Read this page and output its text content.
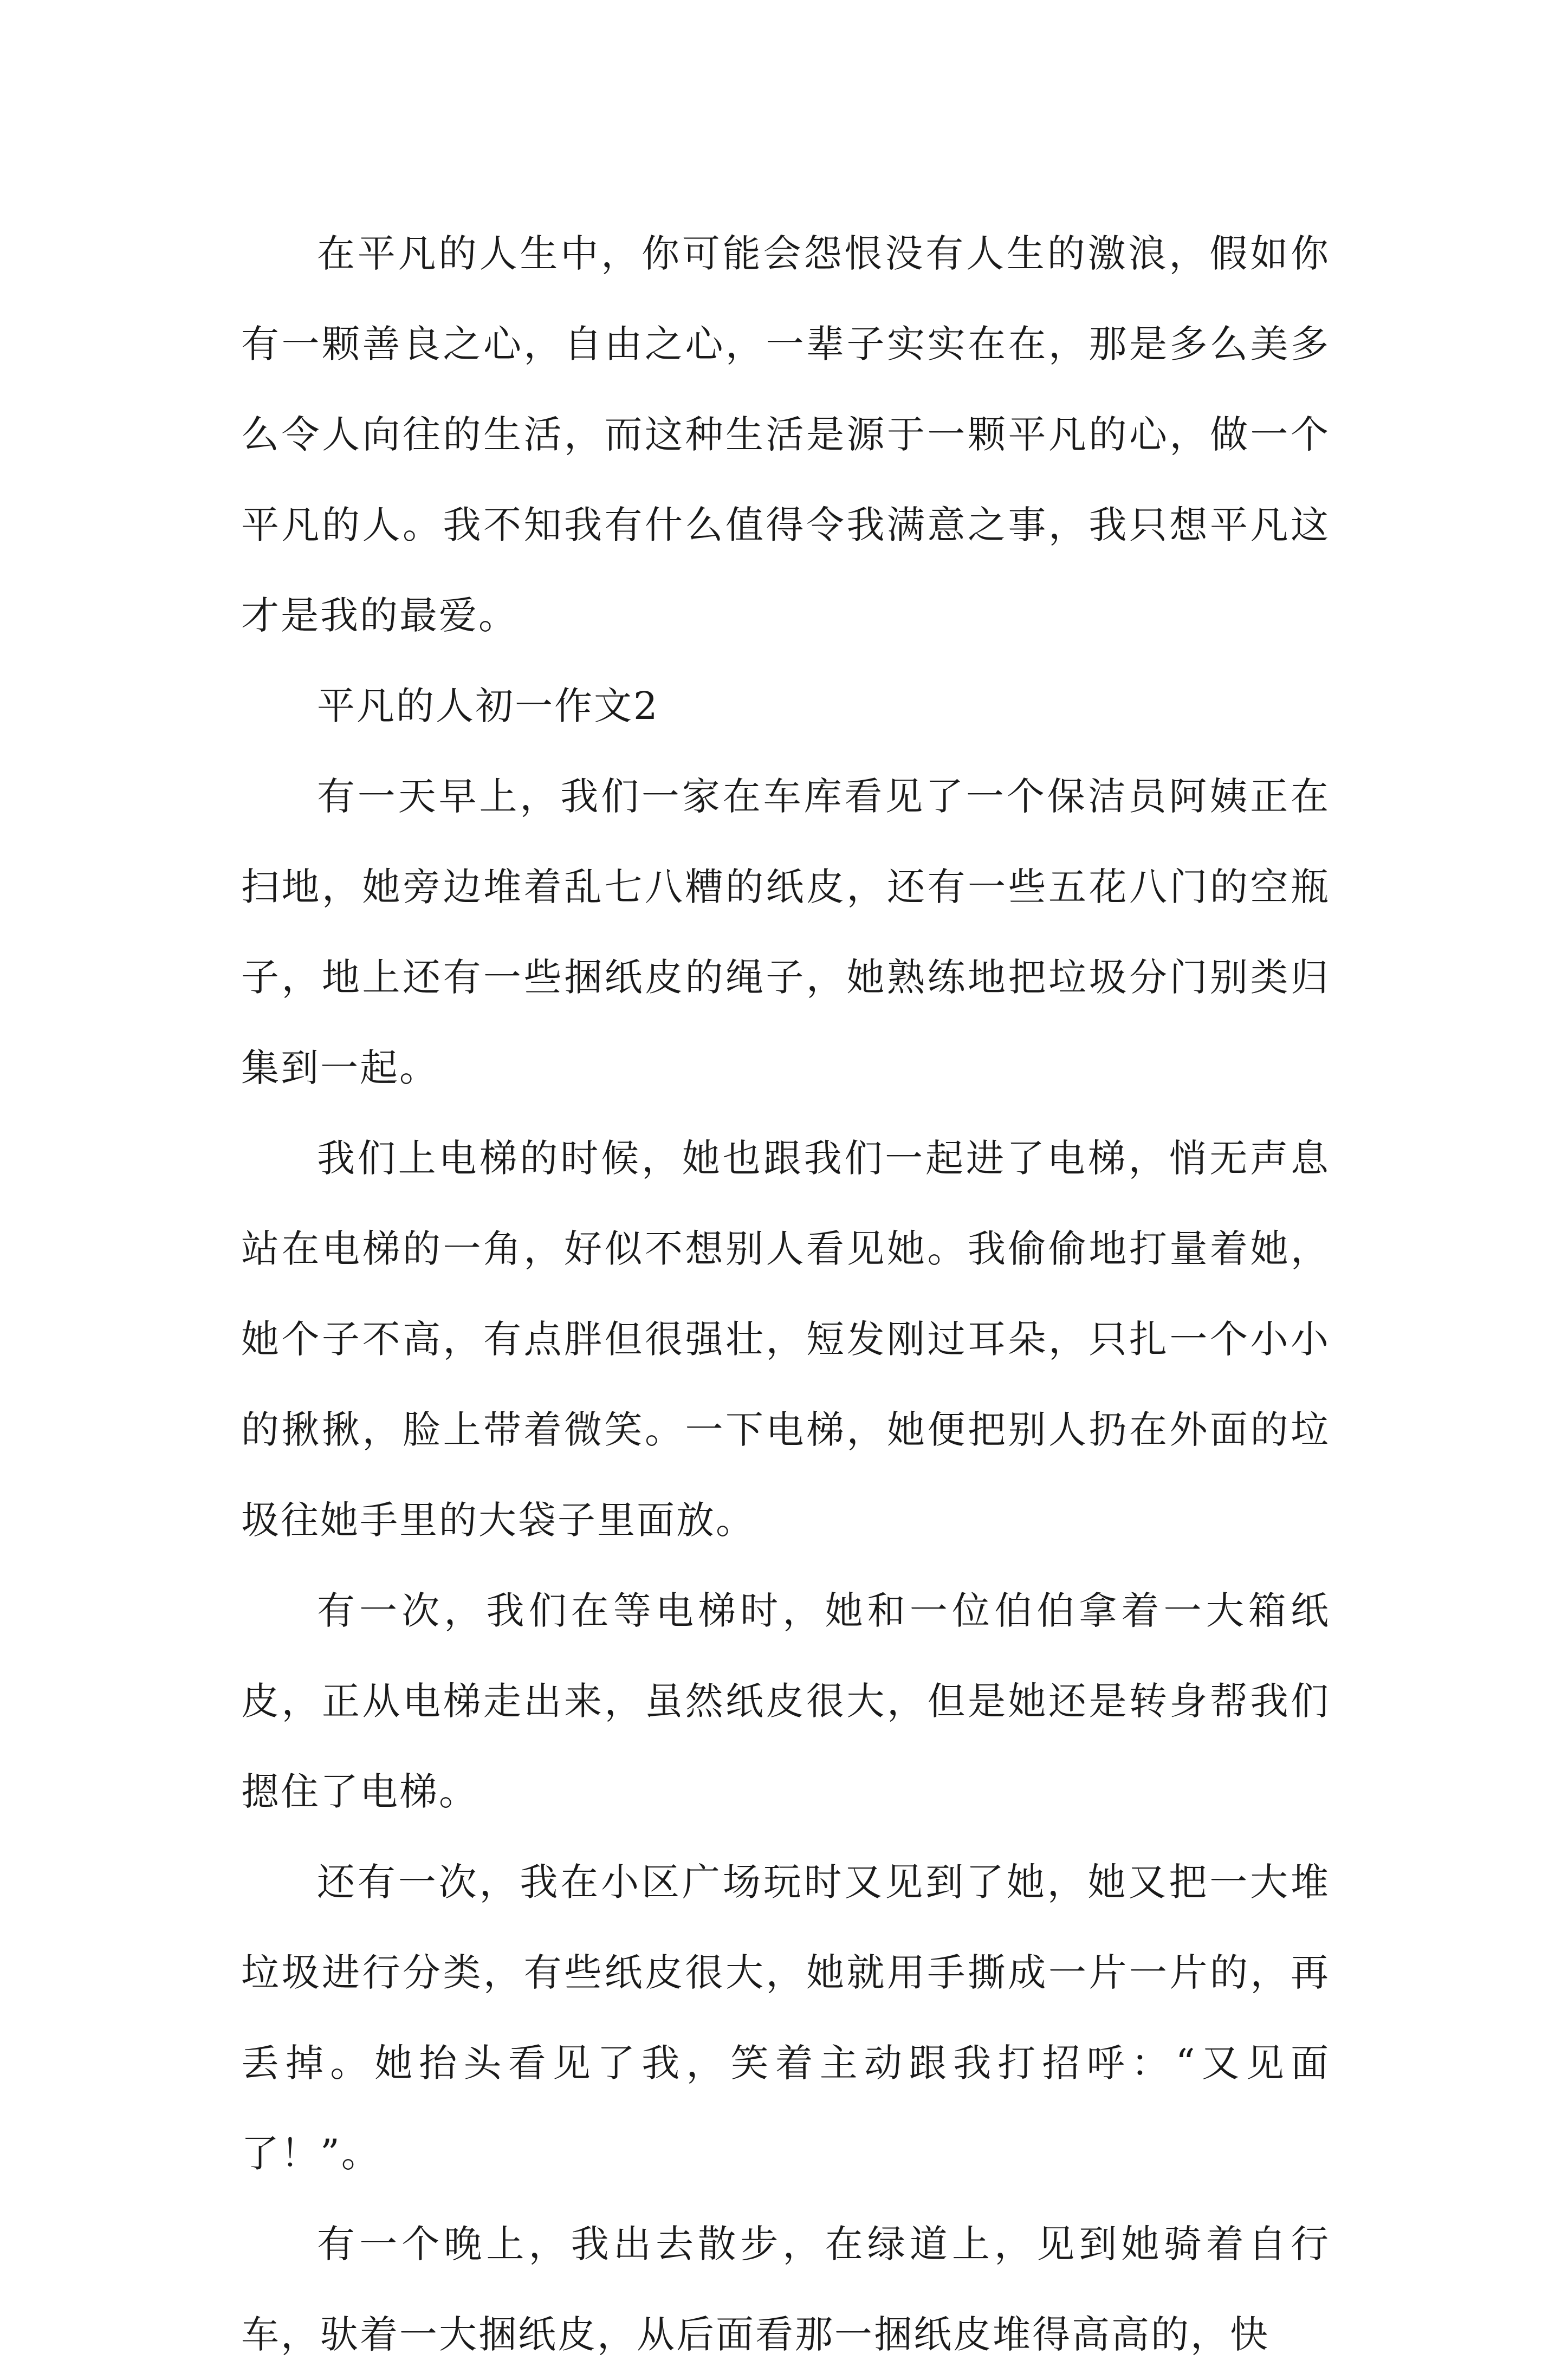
在平凡的人生中，你可能会怨恨没有人生的激浪，假如你有一颗善良之心，自由之心，一辈子实实在在，那是多么美多么令人向往的生活，而这种生活是源于一颗平凡的心，做一个平凡的人。我不知我有什么值得令我满意之事，我只想平凡这才是我的最爱。

平凡的人初一作文2

有一天早上，我们一家在车库看见了一个保洁员阿姨正在扫地，她旁边堆着乱七八糟的纸皮，还有一些五花八门的空瓶子，地上还有一些捆纸皮的绳子，她熟练地把垃圾分门别类归集到一起。

我们上电梯的时候，她也跟我们一起进了电梯，悄无声息站在电梯的一角，好似不想别人看见她。我偷偷地打量着她，她个子不高，有点胖但很强壮，短发刚过耳朵，只扎一个小小的揪揪，脸上带着微笑。一下电梯，她便把别人扔在外面的垃圾往她手里的大袋子里面放。

有一次，我们在等电梯时，她和一位伯伯拿着一大箱纸皮，正从电梯走出来，虽然纸皮很大，但是她还是转身帮我们摁住了电梯。

还有一次，我在小区广场玩时又见到了她，她又把一大堆垃圾进行分类，有些纸皮很大，她就用手撕成一片一片的，再丢掉。她抬头看见了我，笑着主动跟我打招呼：“又见面了！”。

有一个晚上，我出去散步，在绿道上，见到她骑着自行车，驮着一大捆纸皮，从后面看那一捆纸皮堆得高高的，快
